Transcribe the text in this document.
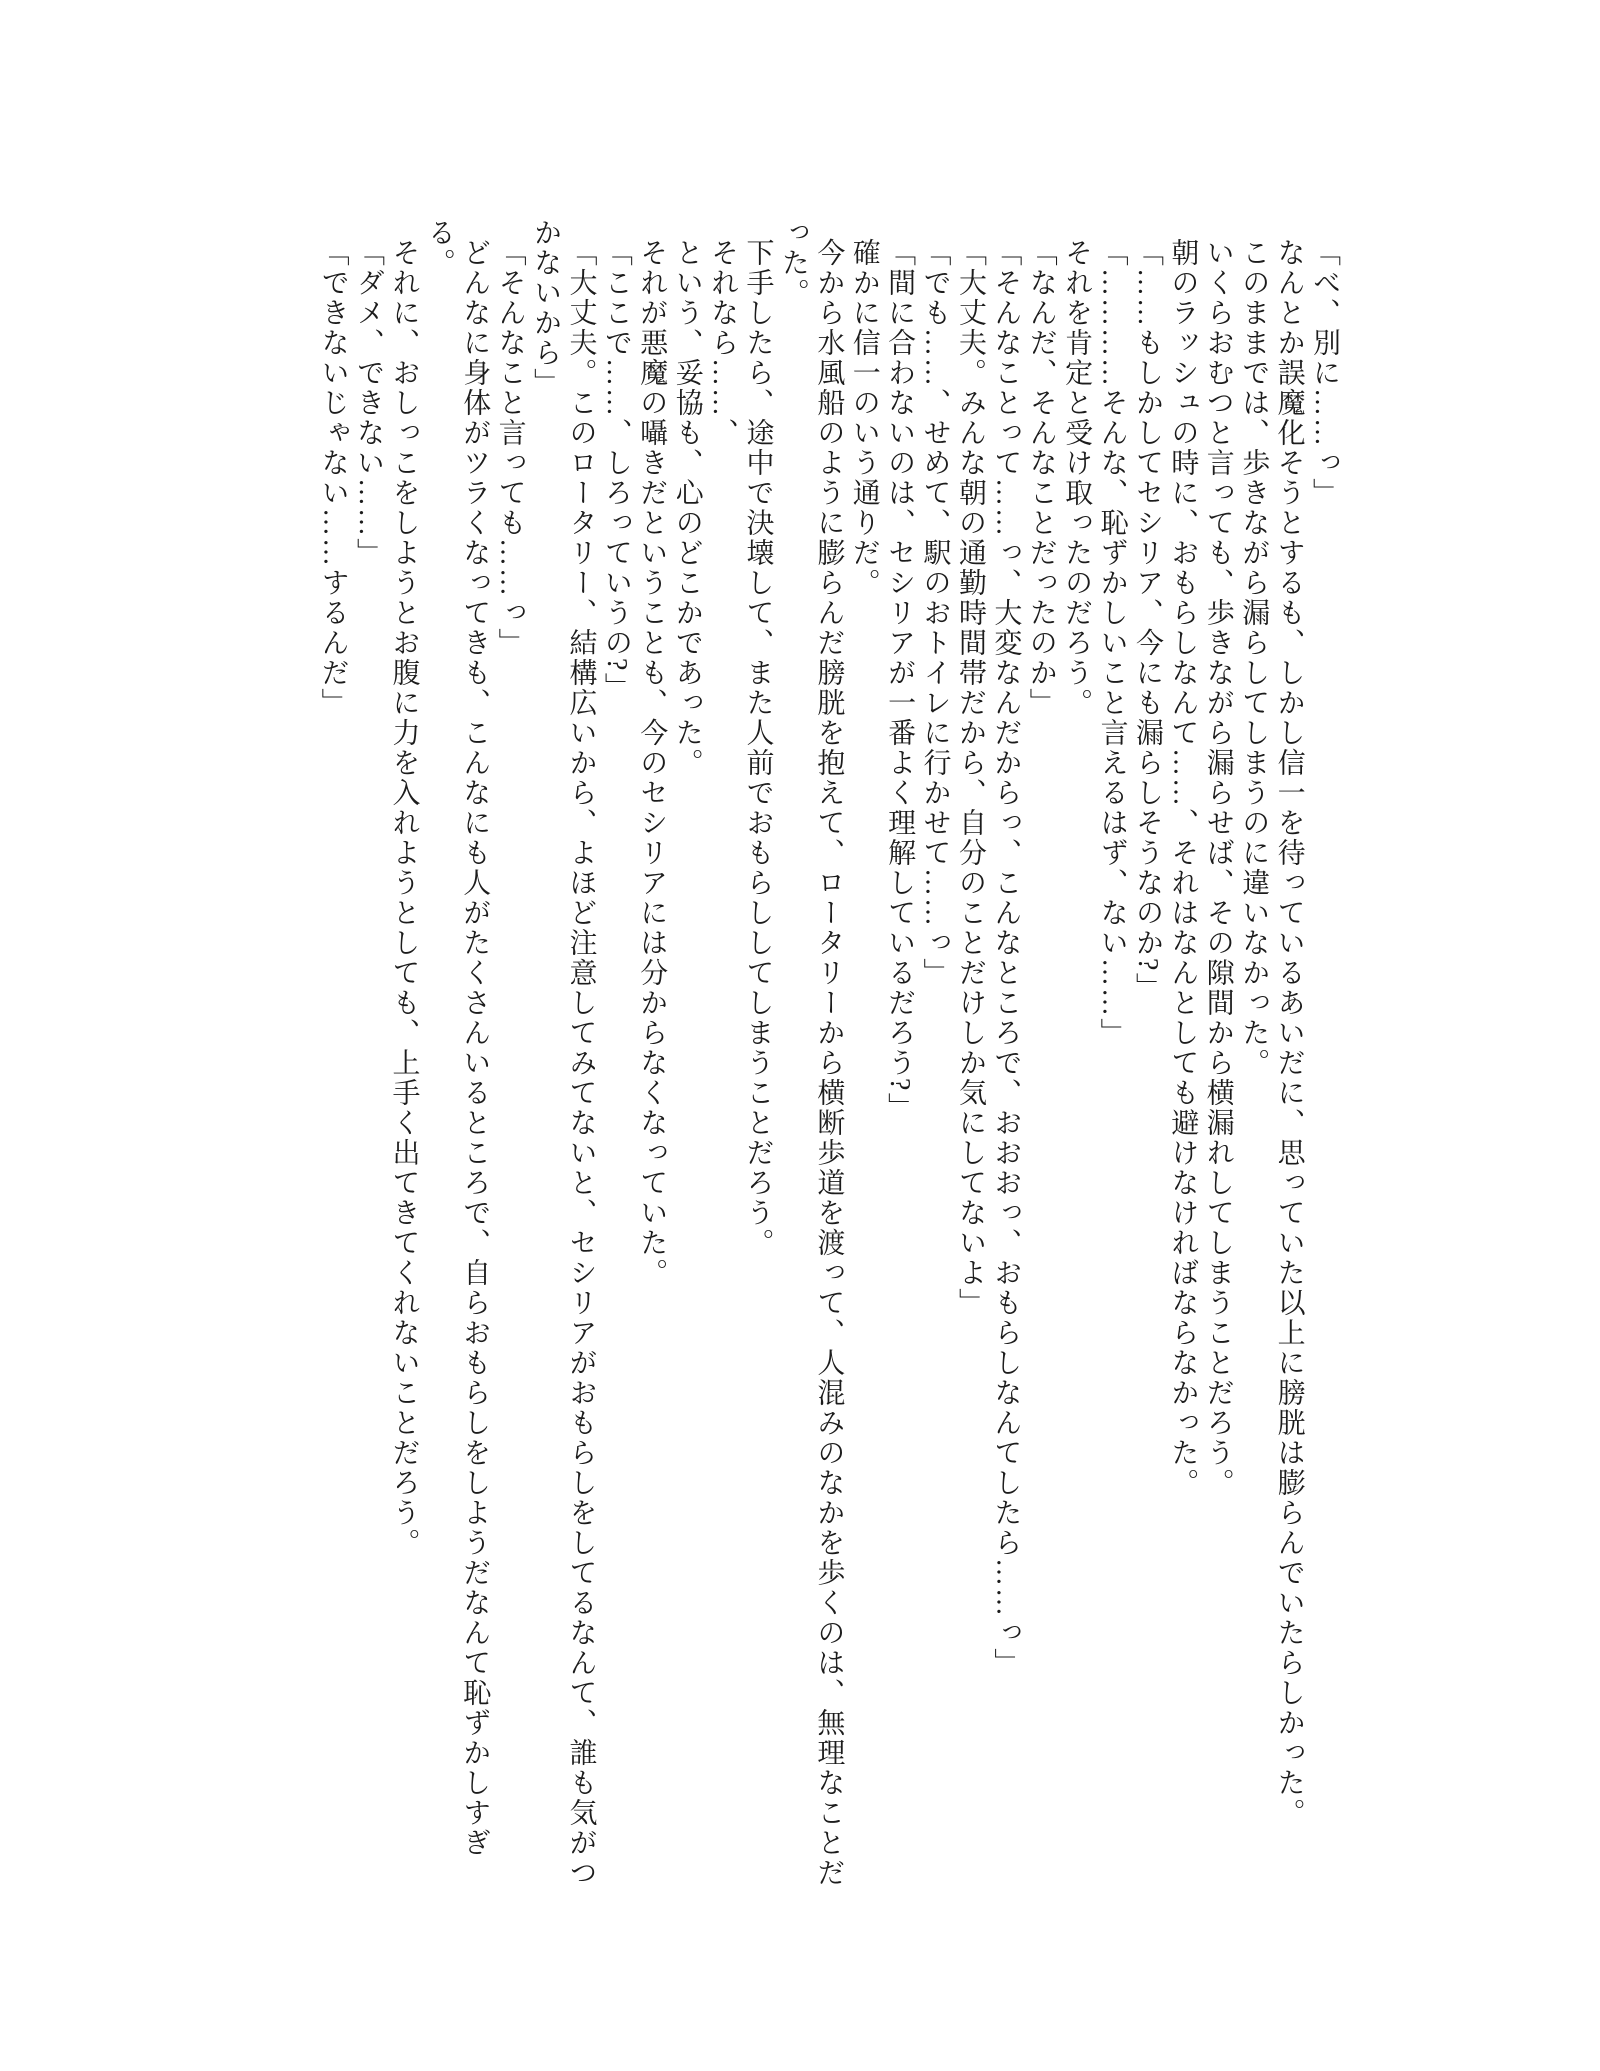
「べ、別に……っ」

なんとか誤魔化そうとするも、しかし信一を待っているあいだに、思っていた以上に膀胱は膨らんでいたらしかった。

このままでは、歩きながら漏らしてしまうのに違いなかった。

いくらおむつと言っても、歩きながら漏らせば、その隙間から横漏れしてしまうことだろう。

朝のラッシュの時に、おもらしなんて……、それはなんとしても避けなければならなかった。

「……もしかしてセシリア、今にも漏らしそうなのか?」

「…………そんな、恥ずかしいこと言えるはず、ない……」

それを肯定と受け取ったのだろう。

「なんだ、そんなことだったのか」

「そんなことって……っ、大変なんだからっ、こんなところで、おおおっ、おもらしなんてしたら……っ」

「大丈夫。みんな朝の通勤時間帯だから、自分のことだけしか気にしてないよ」

「でも……、せめて、駅のおトイレに行かせて……っ」

「間に合わないのは、セシリアが一番よく理解しているだろう?」

確かに信一のいう通りだ。

今から水風船のように膨らんだ膀胱を抱えて、ロータリーから横断歩道を渡って、人混みのなかを歩くのは、無理なことだった。

下手したら、途中で決壊して、また人前でおもらししてしまうことだろう。

それなら……、

という、妥協も、心のどこかであった。

それが悪魔の囁きだということも、今のセシリアには分からなくなっていた。

「ここで……、しろっていうの?」

「大丈夫。このロータリー、結構広いから、よほど注意してみてないと、セシリアがおもらしをしてるなんて、誰も気がつかないから」

「そんなこと言っても……っ」

どんなに身体がツラくなってきも、こんなにも人がたくさんいるところで、自らおもらしをしようだなんて恥ずかしすぎる。

それに、おしっこをしようとお腹に力を入れようとしても、上手く出てきてくれないことだろう。

「ダメ、できない……」

「できないじゃない……するんだ」
